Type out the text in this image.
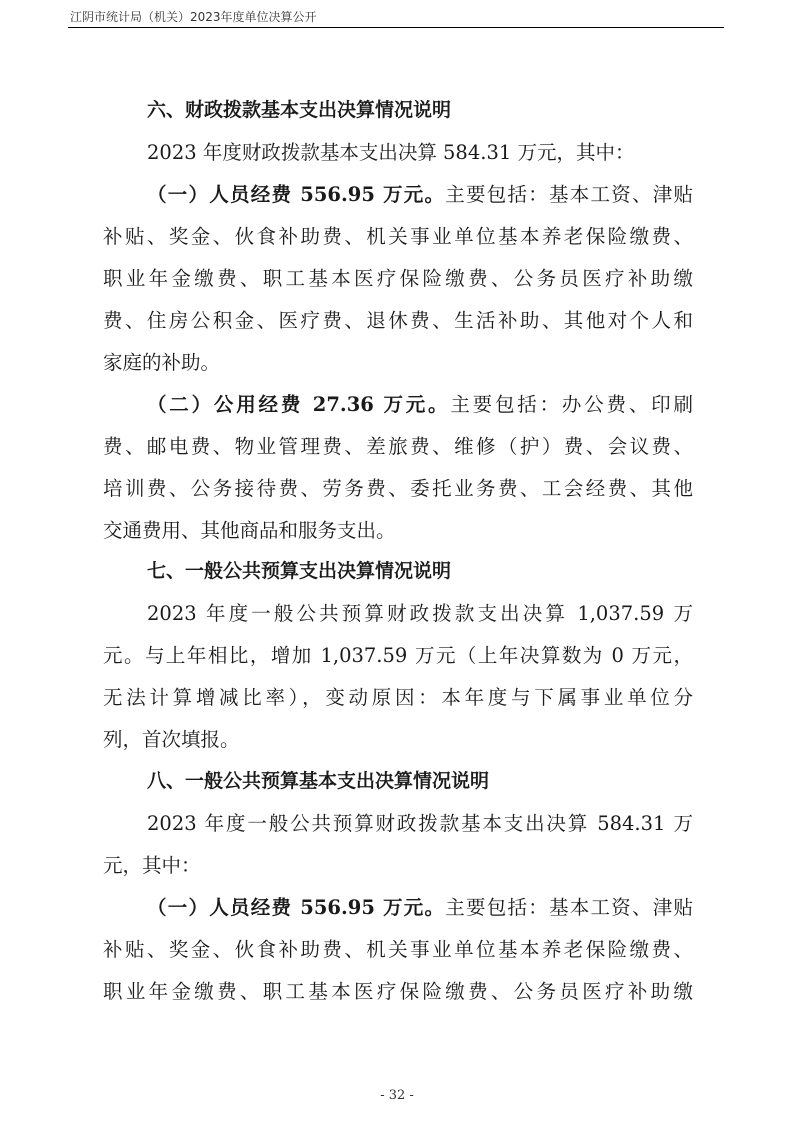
江阴市统计局（机关）2023年度单位决算公开
六、财政拨款基本支出决算情况说明
2023 年度财政拨款基本支出决算 584.31 万元，其中：
（一）人员经费 556.95 万元。主要包括：基本工资、津贴
补贴、奖金、伙食补助费、机关事业单位基本养老保险缴费、
职业年金缴费、职工基本医疗保险缴费、公务员医疗补助缴
费、住房公积金、医疗费、退休费、生活补助、其他对个人和
家庭的补助。
（二）公用经费 27.36 万元。主要包括：办公费、印刷
费、邮电费、物业管理费、差旅费、维修（护）费、会议费、
培训费、公务接待费、劳务费、委托业务费、工会经费、其他
交通费用、其他商品和服务支出。
七、一般公共预算支出决算情况说明
2023 年度一般公共预算财政拨款支出决算 1,037.59 万
元。与上年相比，增加 1,037.59 万元（上年决算数为 0 万元，
无法计算增减比率），变动原因：本年度与下属事业单位分
列，首次填报。
八、一般公共预算基本支出决算情况说明
2023 年度一般公共预算财政拨款基本支出决算 584.31 万
元，其中：
（一）人员经费 556.95 万元。主要包括：基本工资、津贴
补贴、奖金、伙食补助费、机关事业单位基本养老保险缴费、
职业年金缴费、职工基本医疗保险缴费、公务员医疗补助缴
- 32 -
